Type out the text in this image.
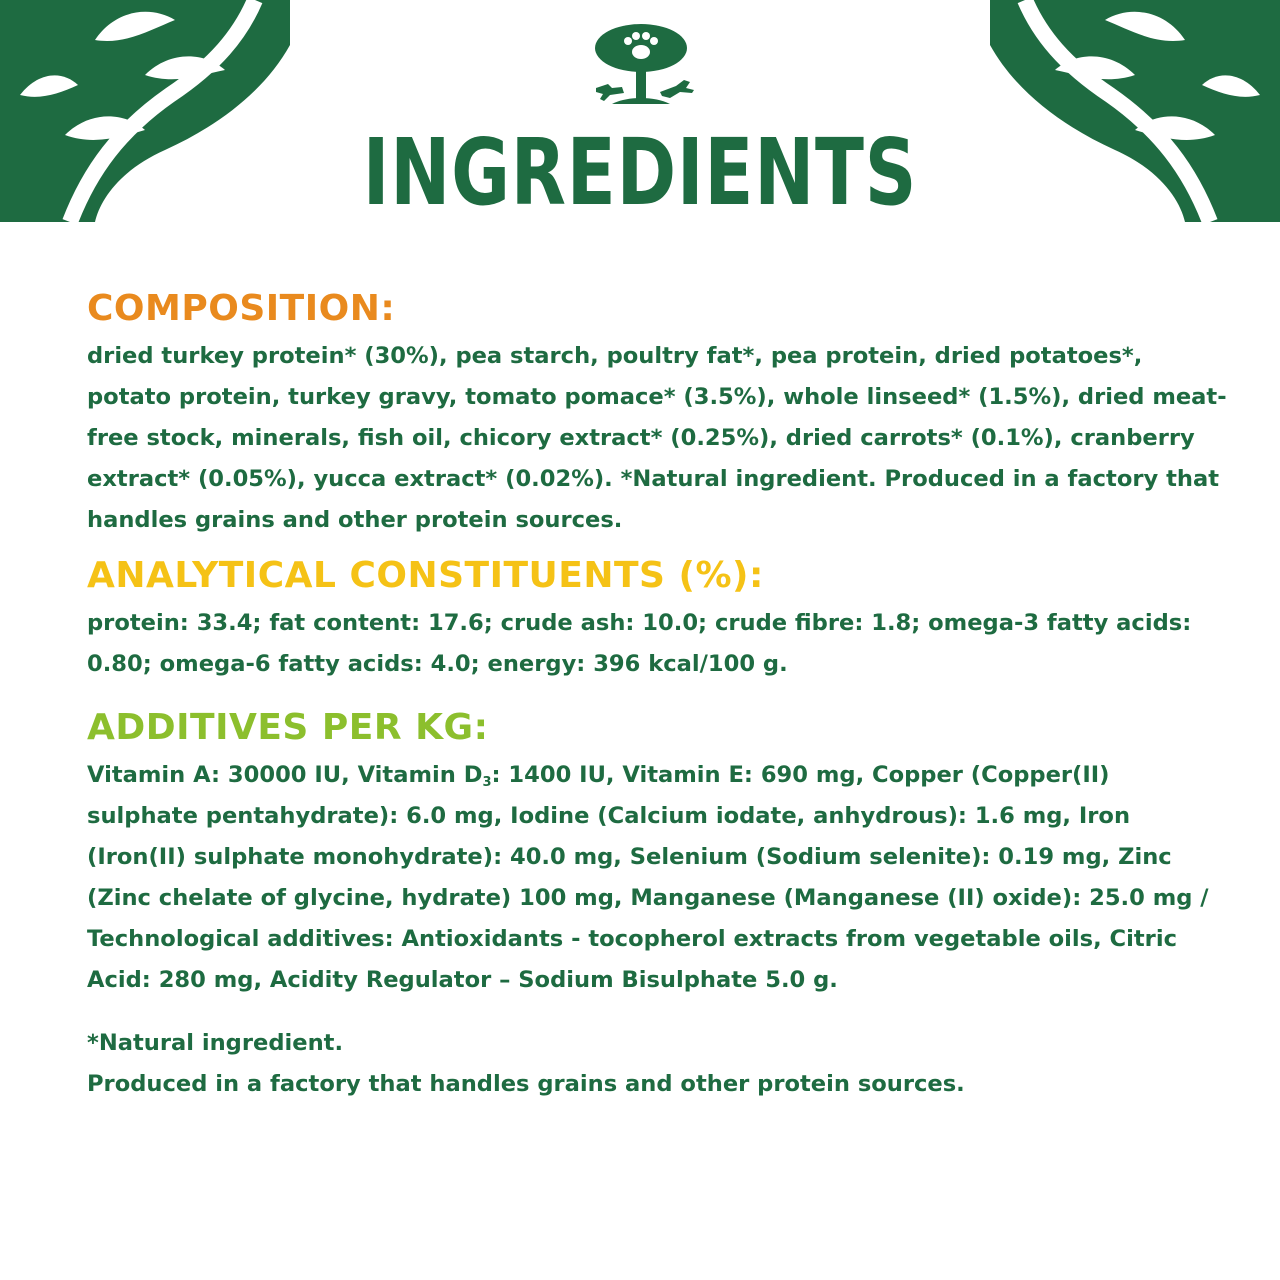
INGREDIENTS
COMPOSITION:

dried turkey protein* (30%), pea starch, poultry fat*, pea protein, dried potatoes*, potato protein, turkey gravy, tomato pomace* (3.5%), whole linseed* (1.5%), dried meat-free stock, minerals, fish oil, chicory extract* (0.25%), dried carrots* (0.1%), cranberry extract* (0.05%), yucca extract* (0.02%). *Natural ingredient. Produced in a factory that handles grains and other protein sources.

ANALYTICAL CONSTITUENTS (%):

protein: 33.4; fat content: 17.6; crude ash: 10.0; crude fibre: 1.8; omega-3 fatty acids: 0.80; omega-6 fatty acids: 4.0; energy: 396 kcal/100 g.

ADDITIVES PER KG:

Vitamin A: 30000 IU, Vitamin $D_3$: 1400 IU, Vitamin E: 690 mg, Copper (Copper(II) sulphate pentahydrate): 6.0 mg, Iodine (Calcium iodate, anhydrous): 1.6 mg, Iron (Iron(II) sulphate monohydrate): 40.0 mg, Selenium (Sodium selenite): 0.19 mg, Zinc (Zinc chelate of glycine, hydrate) 100 mg, Manganese (Manganese (II) oxide): 25.0 mg / Technological additives: Antioxidants - tocopherol extracts from vegetable oils, Citric Acid: 280 mg, Acidity Regulator – Sodium Bisulphate 5.0 g.

*Natural ingredient.

Produced in a factory that handles grains and other protein sources.
